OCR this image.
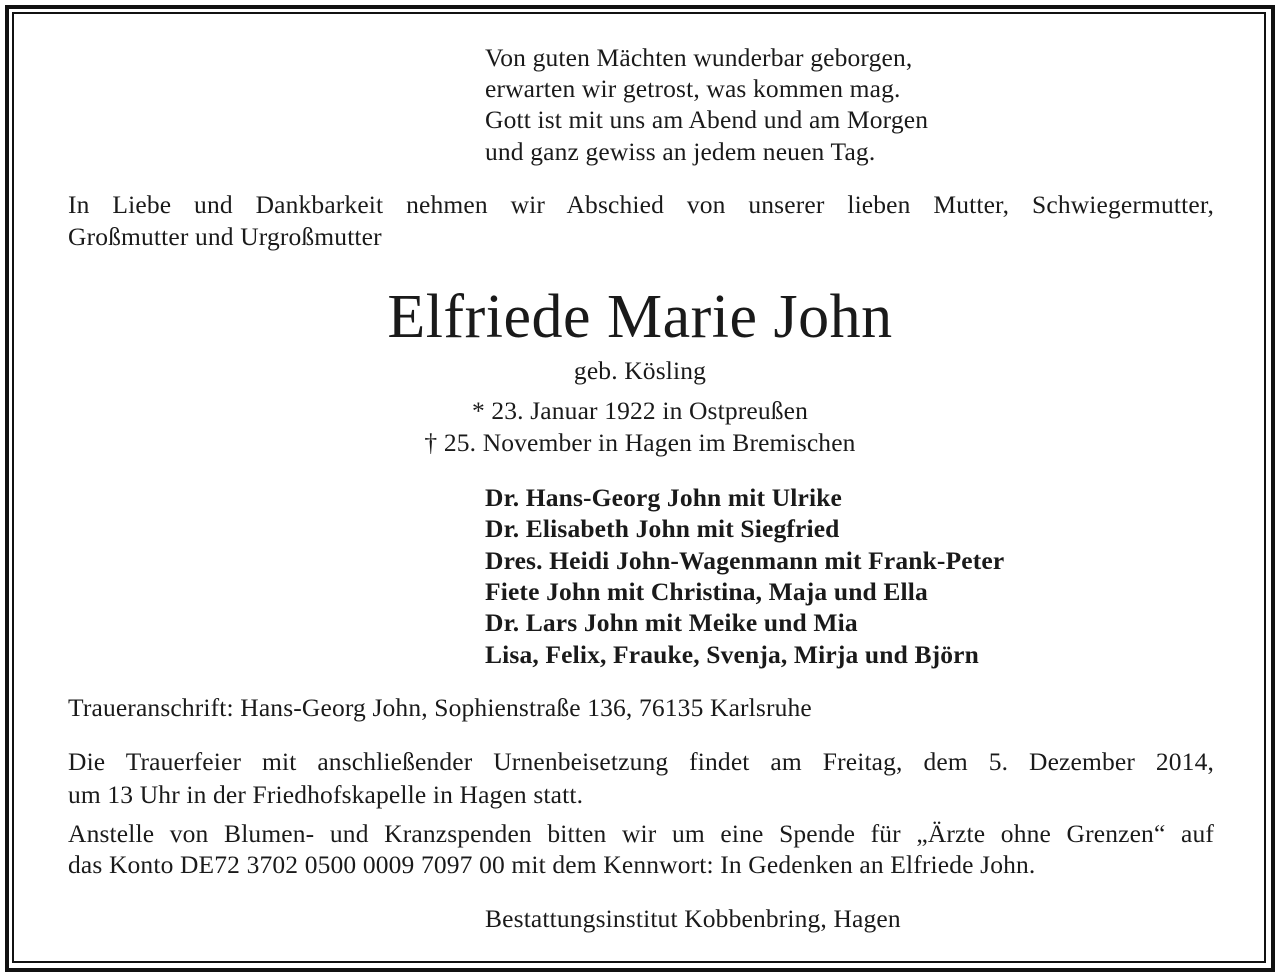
Von guten Mächten wunderbar geborgen,
erwarten wir getrost, was kommen mag.
Gott ist mit uns am Abend und am Morgen
und ganz gewiss an jedem neuen Tag.
In Liebe und Dankbarkeit nehmen wir Abschied von unserer lieben Mutter, Schwiegermutter,
Großmutter und Urgroßmutter
Elfriede Marie John
geb. Kösling
* 23. Januar 1922 in Ostpreußen
† 25. November in Hagen im Bremischen
Dr. Hans-Georg John mit Ulrike
Dr. Elisabeth John mit Siegfried
Dres. Heidi John-Wagenmann mit Frank-Peter
Fiete John mit Christina, Maja und Ella
Dr. Lars John mit Meike und Mia
Lisa, Felix, Frauke, Svenja, Mirja und Björn
Traueranschrift: Hans-Georg John, Sophienstraße 136, 76135 Karlsruhe
Die Trauerfeier mit anschließender Urnenbeisetzung findet am Freitag, dem 5. Dezember 2014,
um 13 Uhr in der Friedhofskapelle in Hagen statt.
Anstelle von Blumen- und Kranzspenden bitten wir um eine Spende für „Ärzte ohne Grenzen“ auf
das Konto DE72 3702 0500 0009 7097 00 mit dem Kennwort: In Gedenken an Elfriede John.
Bestattungsinstitut Kobbenbring, Hagen
